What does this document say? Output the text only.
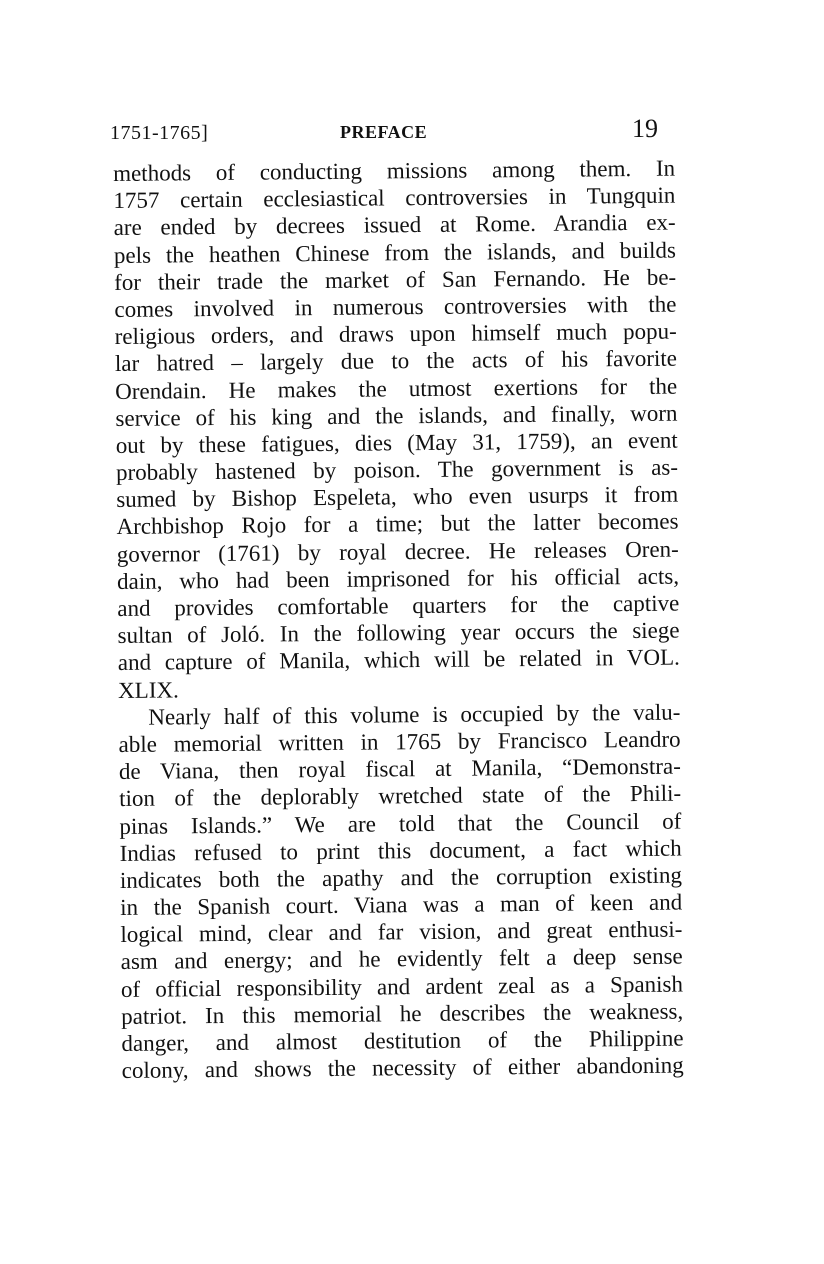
1751-1765]	PREFACE	19
methods of conducting missions among them. In
1757 certain ecclesiastical controversies in Tungquin
are ended by decrees issued at Rome. Arandia ex-
pels the heathen Chinese from the islands, and builds
for their trade the market of San Fernando. He be-
comes involved in numerous controversies with the
religious orders, and draws upon himself much popu-
lar hatred – largely due to the acts of his favorite
Orendain. He makes the utmost exertions for the
service of his king and the islands, and finally, worn
out by these fatigues, dies (May 31, 1759), an event
probably hastened by poison. The government is as-
sumed by Bishop Espeleta, who even usurps it from
Archbishop Rojo for a time; but the latter becomes
governor (1761) by royal decree. He releases Oren-
dain, who had been imprisoned for his official acts,
and provides comfortable quarters for the captive
sultan of Joló. In the following year occurs the siege
and capture of Manila, which will be related in VOL.
XLIX.
Nearly half of this volume is occupied by the valu-
able memorial written in 1765 by Francisco Leandro
de Viana, then royal fiscal at Manila, “Demonstra-
tion of the deplorably wretched state of the Phili-
pinas Islands.” We are told that the Council of
Indias refused to print this document, a fact which
indicates both the apathy and the corruption existing
in the Spanish court. Viana was a man of keen and
logical mind, clear and far vision, and great enthusi-
asm and energy; and he evidently felt a deep sense
of official responsibility and ardent zeal as a Spanish
patriot. In this memorial he describes the weakness,
danger, and almost destitution of the Philippine
colony, and shows the necessity of either abandoning
